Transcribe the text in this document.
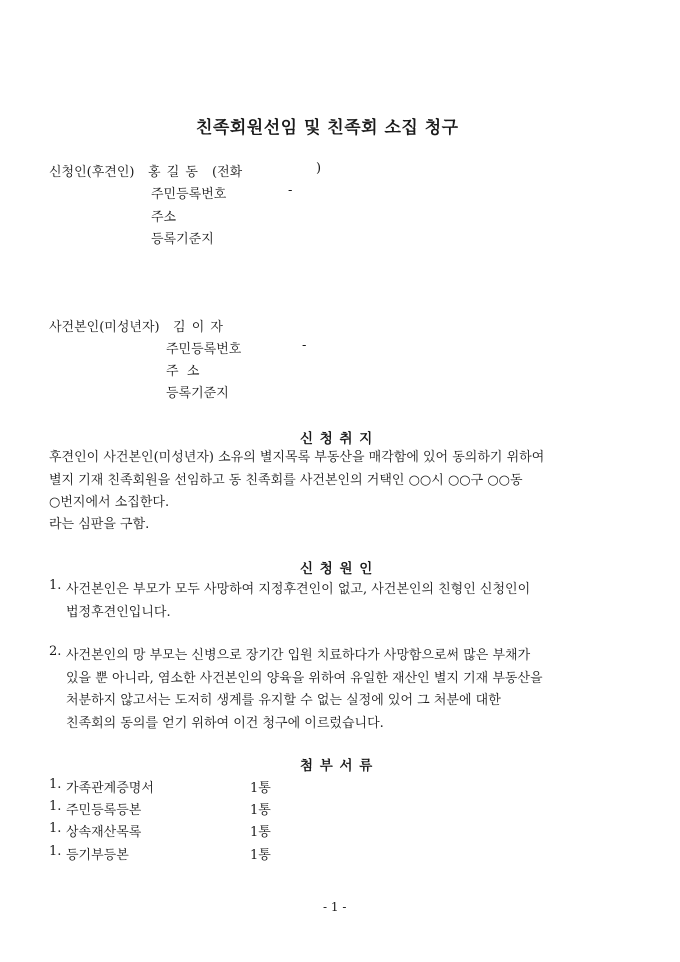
친족회원선임 및 친족회 소집 청구
신청인(후견인) 홍 길 동 (전화	)
주민등록번호	-
주소
등록기준지
사건본인(미성년자) 김 이 자
주민등록번호	-
주  소
등록기준지
신 청 취 지
후견인이 사건본인(미성년자) 소유의 별지목록 부동산을 매각함에 있어 동의하기 위하여
별지 기재 친족회원을 선임하고 동 친족회를 사건본인의 거택인 ○○시 ○○구 ○○동
○번지에서 소집한다.
라는 심판을 구함.
신 청 원 인
1. 사건본인은 부모가 모두 사망하여 지정후견인이 없고, 사건본인의 친형인 신청인이
법정후견인입니다.
2. 사건본인의 망 부모는 신병으로 장기간 입원 치료하다가 사망함으로써 많은 부채가
있을 뿐 아니라, 염소한 사건본인의 양육을 위하여 유일한 재산인 별지 기재 부동산을
처분하지 않고서는 도저히 생계를 유지할 수 없는 실정에 있어 그 처분에 대한
친족회의 동의를 얻기 위하여 이건 청구에 이르렀습니다.
첨 부 서 류
1. 가족관계증명서	1통
1. 주민등록등본	1통
1. 상속재산목록	1통
1. 등기부등본	1통
- 1 -
